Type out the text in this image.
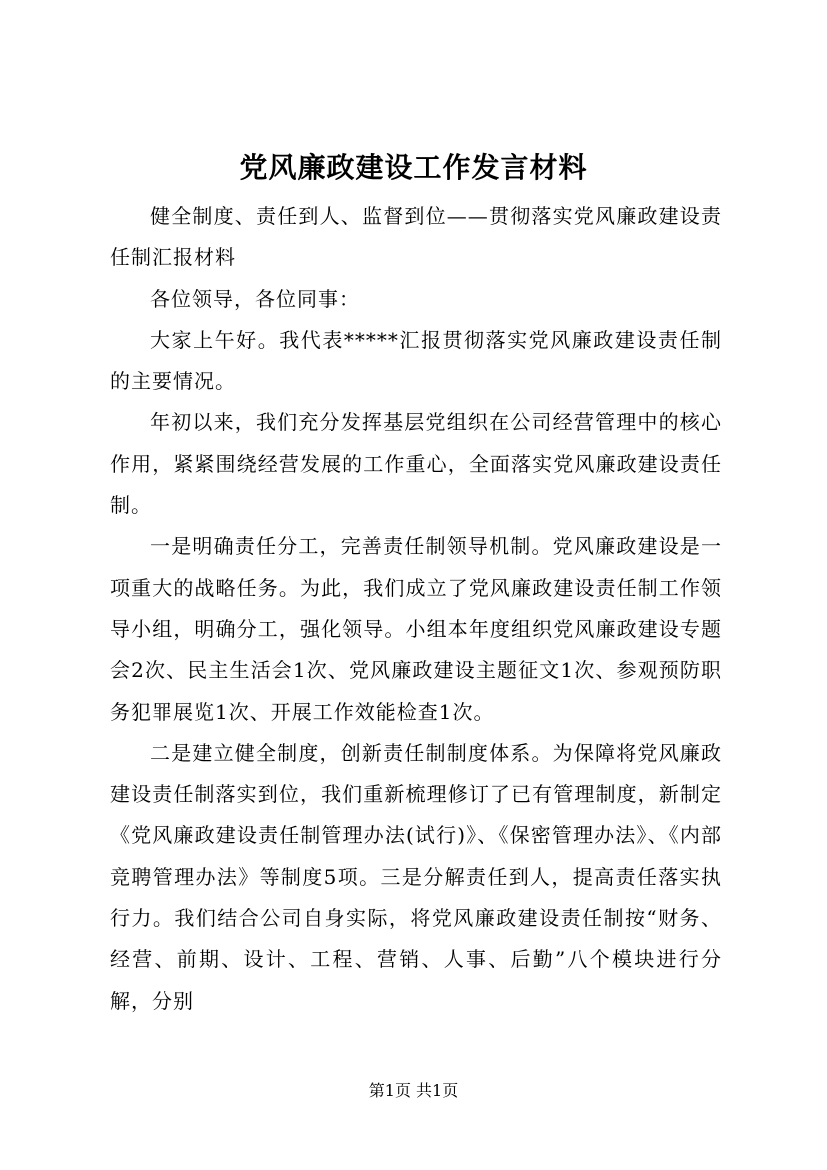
党风廉政建设工作发言材料

健全制度、责任到人、监督到位——贯彻落实党风廉政建设责任制汇报材料

各位领导，各位同事：

大家上午好。我代表*****汇报贯彻落实党风廉政建设责任制的主要情况。

年初以来，我们充分发挥基层党组织在公司经营管理中的核心作用，紧紧围绕经营发展的工作重心，全面落实党风廉政建设责任制。

一是明确责任分工，完善责任制领导机制。党风廉政建设是一项重大的战略任务。为此，我们成立了党风廉政建设责任制工作领导小组，明确分工，强化领导。小组本年度组织党风廉政建设专题会2次、民主生活会1次、党风廉政建设主题征文1次、参观预防职务犯罪展览1次、开展工作效能检查1次。

二是建立健全制度，创新责任制制度体系。为保障将党风廉政建设责任制落实到位，我们重新梳理修订了已有管理制度，新制定《党风廉政建设责任制管理办法(试行)》、《保密管理办法》、《内部竞聘管理办法》等制度5项。三是分解责任到人，提高责任落实执行力。我们结合公司自身实际，将党风廉政建设责任制按“财务、经营、前期、设计、工程、营销、人事、后勤”八个模块进行分解，分别

第1页 共1页
